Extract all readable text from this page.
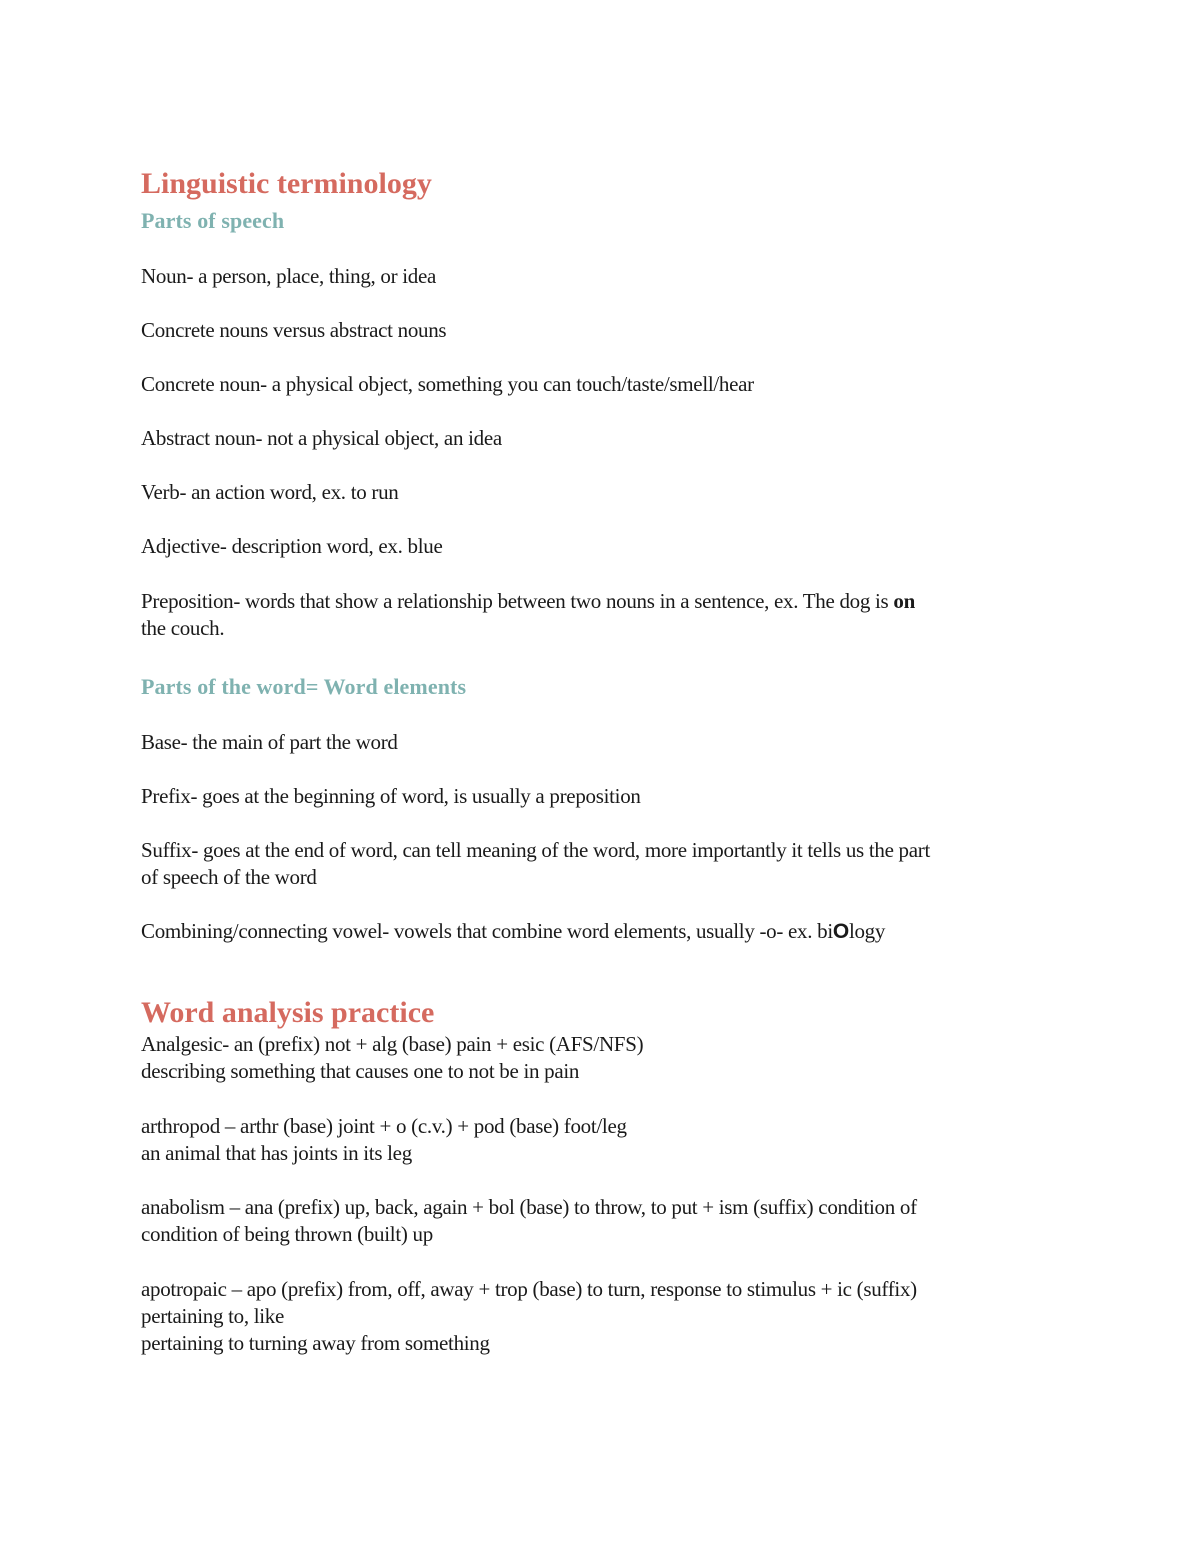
Linguistic terminology
Parts of speech

Noun- a person, place, thing, or idea

Concrete nouns versus abstract nouns

Concrete noun- a physical object, something you can touch/taste/smell/hear

Abstract noun- not a physical object, an idea

Verb- an action word, ex. to run

Adjective- description word, ex. blue

Preposition- words that show a relationship between two nouns in a sentence, ex. The dog is on
the couch.

Parts of the word= Word elements

Base- the main of part the word

Prefix- goes at the beginning of word, is usually a preposition

Suffix- goes at the end of word, can tell meaning of the word, more importantly it tells us the part
of speech of the word

Combining/connecting vowel- vowels that combine word elements, usually -o- ex. biOlogy

Word analysis practice

Analgesic- an (prefix) not + alg (base) pain + esic (AFS/NFS)
describing something that causes one to not be in pain

arthropod – arthr (base) joint + o (c.v.) + pod (base) foot/leg
an animal that has joints in its leg

anabolism – ana (prefix) up, back, again + bol (base) to throw, to put + ism (suffix) condition of
condition of being thrown (built) up

apotropaic – apo (prefix) from, off, away + trop (base) to turn, response to stimulus + ic (suffix)
pertaining to, like
pertaining to turning away from something
